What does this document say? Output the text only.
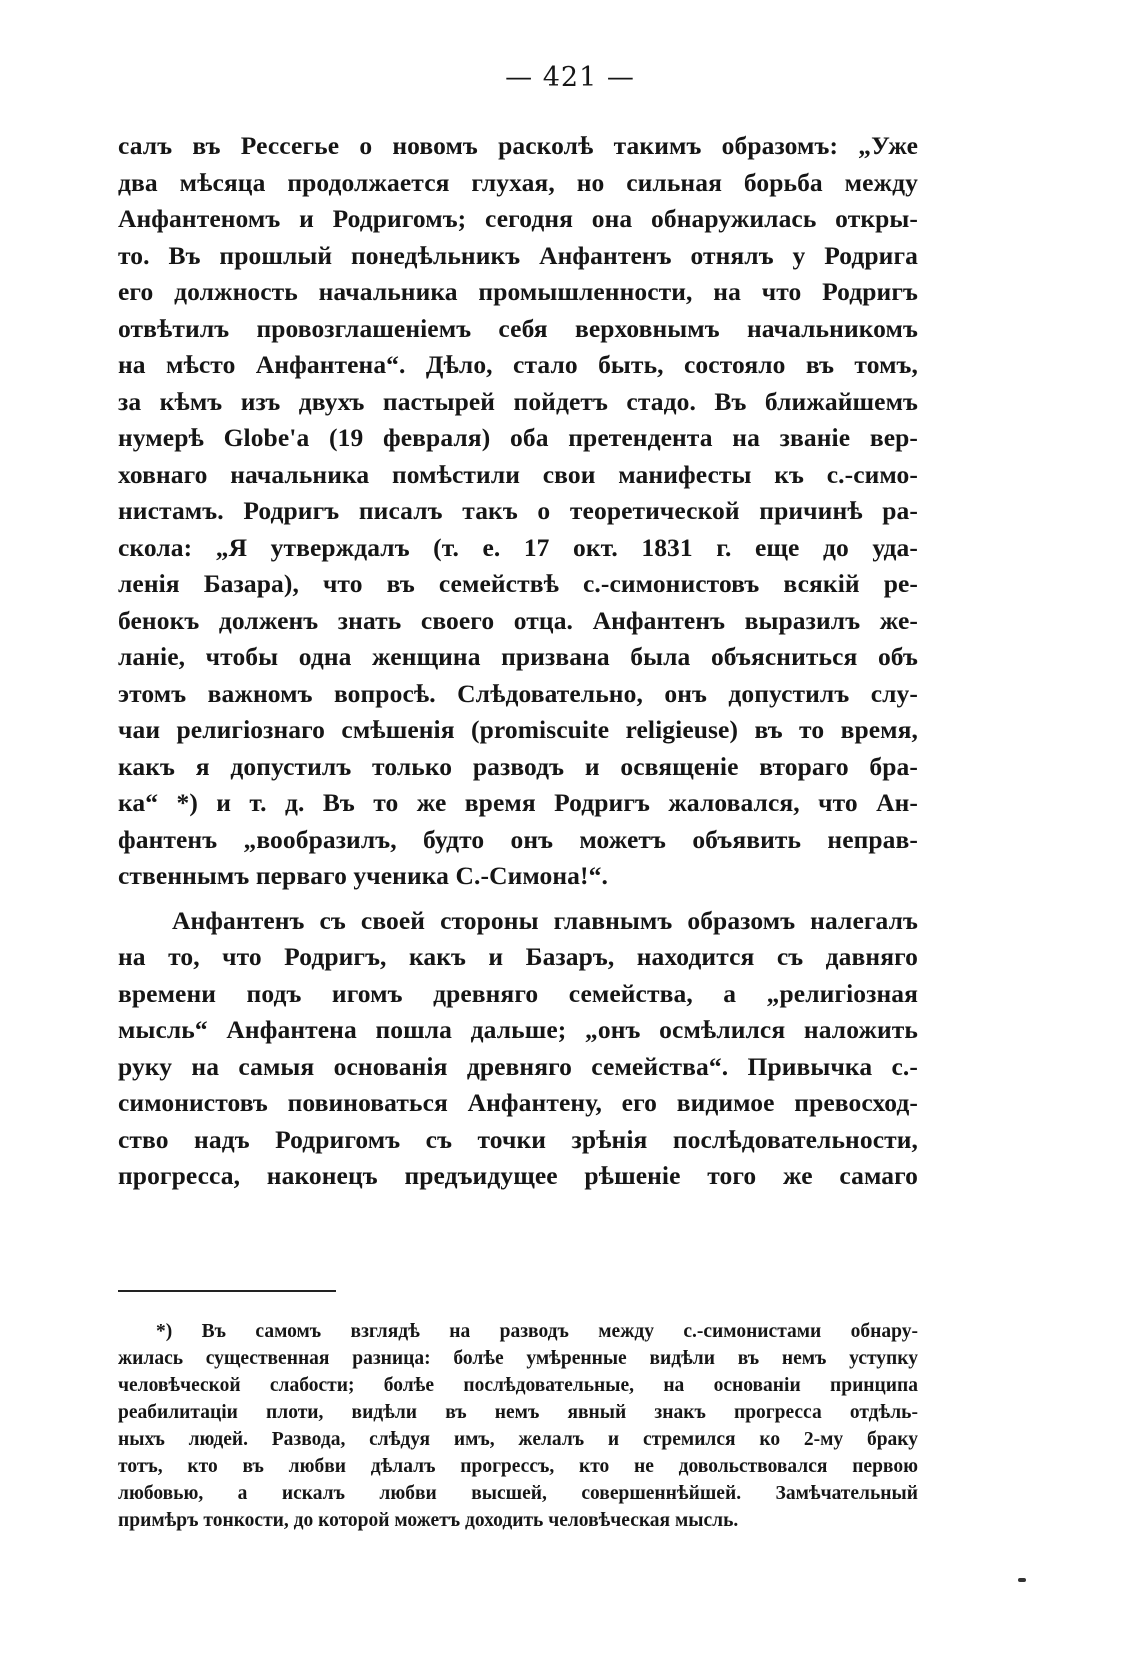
— 421 —
салъ въ Рессегье о новомъ расколѣ такимъ образомъ: „Уже
два мѣсяца продолжается глухая, но сильная борьба между
Анфантеномъ и Родригомъ; сегодня она обнаружилась откры-
то. Въ прошлый понедѣльникъ Анфантенъ отнялъ у Родрига
его должность начальника промышленности, на что Родригъ
отвѣтилъ провозглашеніемъ себя верховнымъ начальникомъ
на мѣсто Анфантена“. Дѣло, стало быть, состояло въ томъ,
за кѣмъ изъ двухъ пастырей пойдетъ стадо. Въ ближайшемъ
нумерѣ Globe'а (19 февраля) оба претендента на званіе вер-
ховнаго начальника помѣстили свои манифесты къ с.-симо-
нистамъ. Родригъ писалъ такъ о теоретической причинѣ ра-
скола: „Я утверждалъ (т. е. 17 окт. 1831 г. еще до уда-
ленія Базара), что въ семействѣ с.-симонистовъ всякій ре-
бенокъ долженъ знать своего отца. Анфантенъ выразилъ же-
ланіе, чтобы одна женщина призвана была объясниться объ
этомъ важномъ вопросѣ. Слѣдовательно, онъ допустилъ слу-
чаи религіознаго смѣшенія (promiscuite religieuse) въ то время,
какъ я допустилъ только разводъ и освященіе втораго бра-
ка“ *) и т. д. Въ то же время Родригъ жаловался, что Ан-
фантенъ „вообразилъ, будто онъ можетъ объявить неправ-
ственнымъ перваго ученика С.-Симона!“.
Анфантенъ съ своей стороны главнымъ образомъ налегалъ
на то, что Родригъ, какъ и Базаръ, находится съ давняго
времени подъ игомъ древняго семейства, а „религіозная
мысль“ Анфантена пошла дальше; „онъ осмѣлился наложить
руку на самыя основанія древняго семейства“. Привычка с.-
симонистовъ повиноваться Анфантену, его видимое превосход-
ство надъ Родригомъ съ точки зрѣнія послѣдовательности,
прогресса, наконецъ предъидущее рѣшеніе того же самаго
*) Въ самомъ взглядѣ на разводъ между с.-симонистами обнару-
жилась существенная разница: болѣе умѣренные видѣли въ немъ уступку
человѣческой слабости; болѣе послѣдовательные, на основаніи принципа
реабилитаціи плоти, видѣли въ немъ явный знакъ прогресса отдѣль-
ныхъ людей. Развода, слѣдуя имъ, желалъ и стремился ко 2-му браку
тотъ, кто въ любви дѣлалъ прогрессъ, кто не довольствовался первою
любовью, а искалъ любви высшей, совершеннѣйшей. Замѣчательный
примѣръ тонкости, до которой можетъ доходить человѣческая мысль.
